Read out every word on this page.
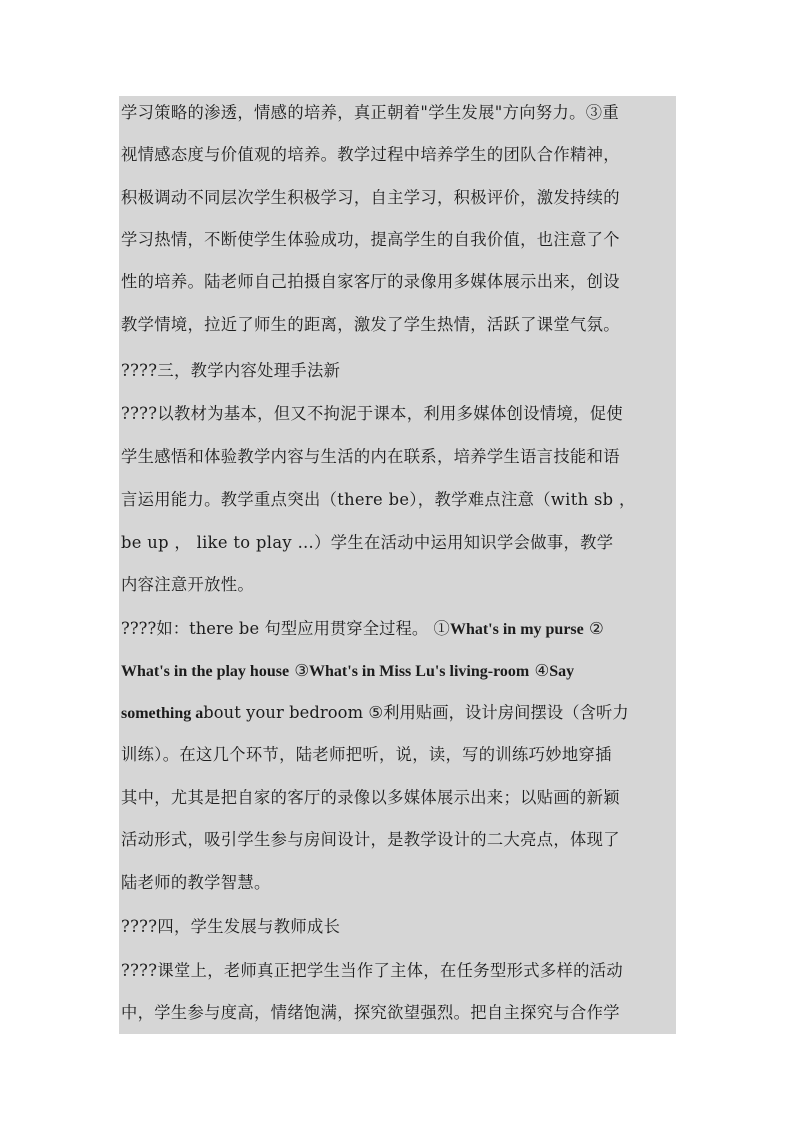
学习策略的渗透，情感的培养，真正朝着"学生发展"方向努力。③重
视情感态度与价值观的培养。教学过程中培养学生的团队合作精神，
积极调动不同层次学生积极学习，自主学习，积极评价，激发持续的
学习热情，不断使学生体验成功，提高学生的自我价值，也注意了个
性的培养。陆老师自己拍摄自家客厅的录像用多媒体展示出来，创设
教学情境，拉近了师生的距离，激发了学生热情，活跃了课堂气氛。
????三，教学内容处理手法新
????以教材为基本，但又不拘泥于课本，利用多媒体创设情境，促使
学生感悟和体验教学内容与生活的内在联系，培养学生语言技能和语
言运用能力。教学重点突出（there be），教学难点注意（with sb ，
be up ， like to play …）学生在活动中运用知识学会做事，教学
内容注意开放性。
????如：there be 句型应用贯穿全过程。 ①What's in my purse ②
What's in the play house ③What's in Miss Lu's living-room ④Say
something about your bedroom ⑤利用贴画，设计房间摆设（含听力
训练）。在这几个环节，陆老师把听，说，读，写的训练巧妙地穿插
其中，尤其是把自家的客厅的录像以多媒体展示出来；以贴画的新颖
活动形式，吸引学生参与房间设计，是教学设计的二大亮点，体现了
陆老师的教学智慧。
????四，学生发展与教师成长
????课堂上，老师真正把学生当作了主体，在任务型形式多样的活动
中，学生参与度高，情绪饱满，探究欲望强烈。把自主探究与合作学
